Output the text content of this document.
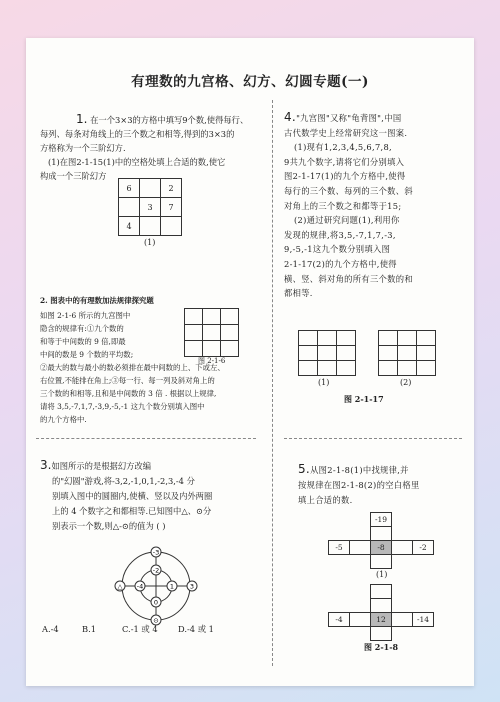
有理数的九宫格、幻方、幻圆专题(一)

1. 在一个3×3的方格中填写9个数,使得每行、

每列、每条对角线上的三个数之和相等,得到的3×3的

方格称为一个三阶幻方.

(1)在图2-1-15(1)中的空格处填上合适的数,使它

构成一个三阶幻方

6		2
	3	7
4		
(1)

2. 图表中的有理数加法规律探究题

如图 2-1-6 所示的九宫图中

隐含的规律有:①九个数的

和等于中间数的 9 倍,即最

中间的数是 9 个数的平均数;

②最大的数与最小的数必须排在最中间数的上、下或左、

右位置,不能排在角上;③每一行、每一列及斜对角上的

三个数的和相等,且和是中间数的 3 倍 . 根据以上规律,

请将 3,5,-7,1,7,-3,9,-5,-1 这九个数分别填入图中

的九个方格中.

图 2-1-6

3.如图所示的是根据幻方改编

的"幻圆"游戏,将-3,2,-1,0,1,-2,3,-4 分

别填入图中的圆圈内,使横、竖以及内外两圈

上的 4 个数字之和都相等.已知图中△、⊙分

别表示一个数,则△-⊙的值为 ( )

-3
-2
-4
△	1 3
0
⊙
A.-4	B.1	C.-1 或 4 D.-4 或 1

4."九宫图"又称"龟背图",中国

古代数学史上经常研究这一图案.

(1)现有1,2,3,4,5,6,7,8,

9共九个数字,请将它们分别填入

图2-1-17(1)的九个方格中,使得

每行的三个数、每列的三个数、斜

对角上的三个数之和都等于15;

(2)通过研究问题(1),利用你

发现的规律,将3,5,-7,1,7,-3,

9,-5,-1这九个数分别填入图

2-1-17(2)的九个方格中,使得

横、竖、斜对角的所有三个数的和

都相等.

(1)	(2)
图 2-1-17

5.从图2-1-8(1)中找规律,并

按规律在图2-1-8(2)的空白格里

填上合适的数.

-19
-5	-8	-2
(1)
-4	12	-14
图 2-1-8
